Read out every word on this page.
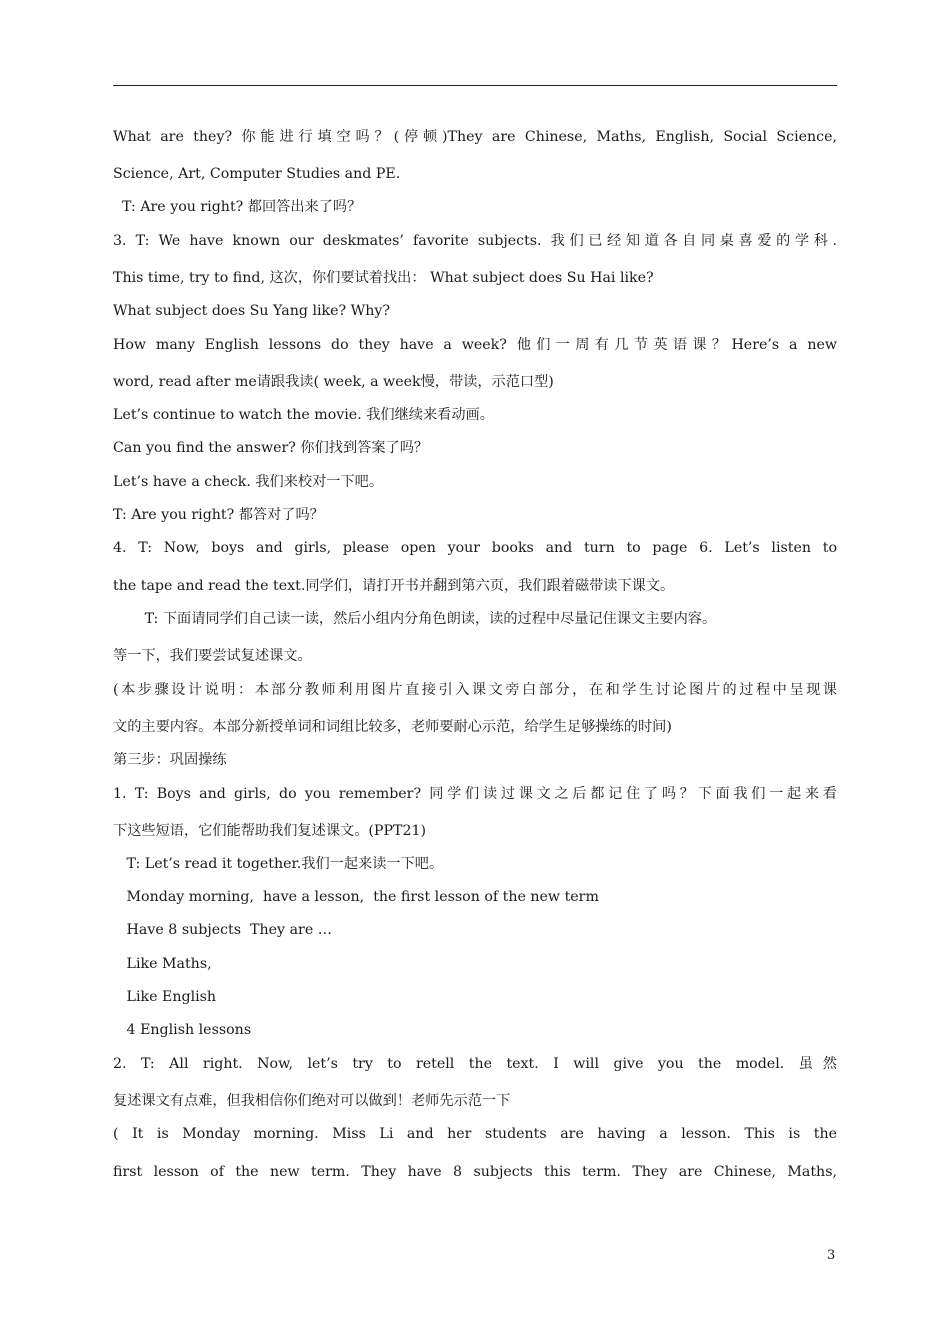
What are they? 你能进行填空吗？(停顿)They are Chinese, Maths, English, Social Science,
Science, Art, Computer Studies and PE.
T: Are you right? 都回答出来了吗？
3. T: We have known our deskmates’ favorite subjects. 我们已经知道各自同桌喜爱的学科.
This time, try to find, 这次，你们要试着找出： What subject does Su Hai like?
What subject does Su Yang like? Why?
How many English lessons do they have a week? 他们一周有几节英语课？Here’s a new
word, read after me请跟我读( week, a week慢，带读，示范口型)
Let’s continue to watch the movie. 我们继续来看动画。
Can you find the answer? 你们找到答案了吗？
Let’s have a check. 我们来校对一下吧。
T: Are you right? 都答对了吗？
4. T: Now, boys and girls, please open your books and turn to page 6. Let’s listen to
the tape and read the text.同学们，请打开书并翻到第六页，我们跟着磁带读下课文。
T: 下面请同学们自己读一读，然后小组内分角色朗读，读的过程中尽量记住课文主要内容。
等一下，我们要尝试复述课文。
(本步骤设计说明：本部分教师利用图片直接引入课文旁白部分，在和学生讨论图片的过程中呈现课
文的主要内容。本部分新授单词和词组比较多，老师要耐心示范，给学生足够操练的时间)
第三步：巩固操练
1. T: Boys and girls, do you remember? 同学们读过课文之后都记住了吗？下面我们一起来看
下这些短语，它们能帮助我们复述课文。(PPT21)
T: Let’s read it together.我们一起来读一下吧。
Monday morning,  have a lesson,  the first lesson of the new term
Have 8 subjects  They are …
Like Maths,
Like English
4 English lessons
2. T: All right. Now, let’s try to retell the text. I will give you the model. 虽然
复述课文有点难，但我相信你们绝对可以做到！老师先示范一下
( It is Monday morning. Miss Li and her students are having a lesson. This is the
first lesson of the new term. They have 8 subjects this term. They are Chinese, Maths,
3
